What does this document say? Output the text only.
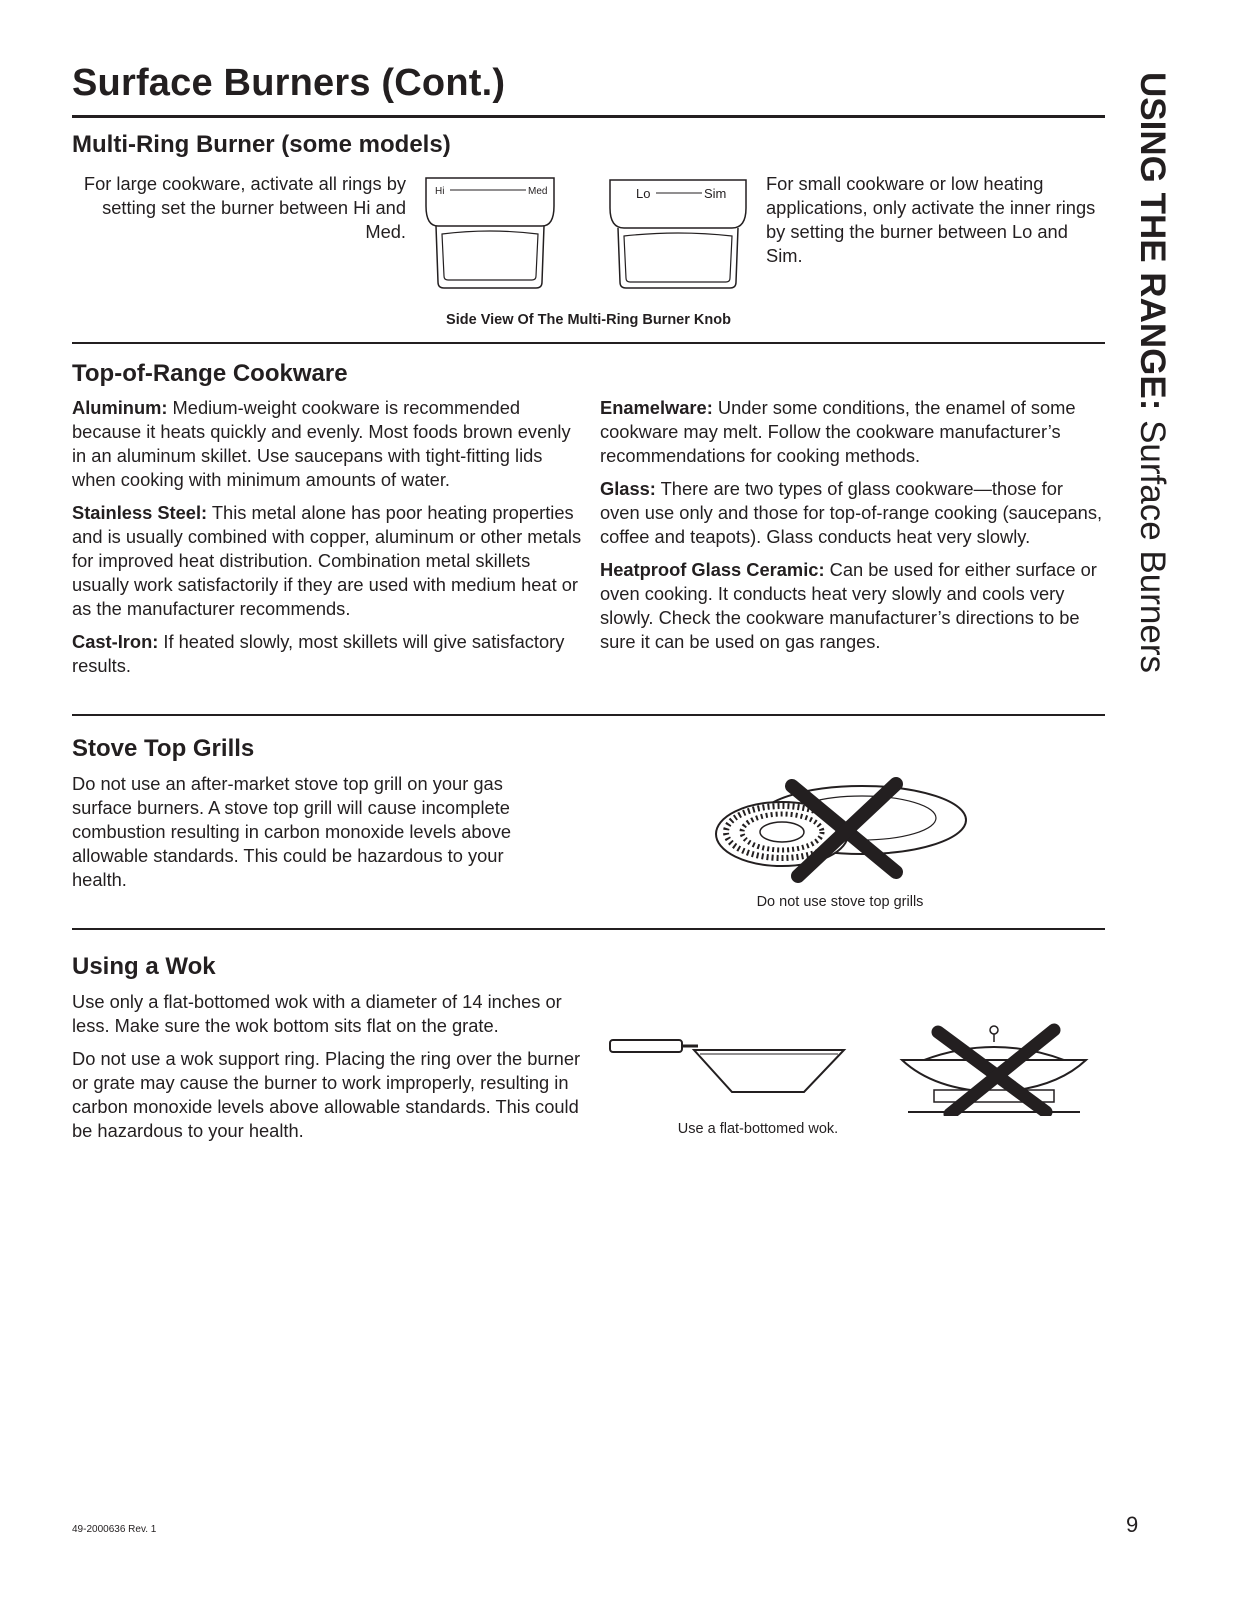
Surface Burners (Cont.)	USING THE RANGE: Surface Burners
Multi-Ring Burner (some models)
For large cookware, activate all rings by setting set the burner between Hi and Med.
For small cookware or low heating applications, only activate the inner rings by setting the burner between Lo and Sim.
Hi	Med	Lo	Sim
Side View Of The Multi-Ring Burner Knob
Top-of-Range Cookware

Aluminum: Medium-weight cookware is recommended because it heats quickly and evenly. Most foods brown evenly in an aluminum skillet. Use saucepans with tight-fitting lids when cooking with minimum amounts of water.

Stainless Steel: This metal alone has poor heating properties and is usually combined with copper, aluminum or other metals for improved heat distribution. Combination metal skillets usually work satisfactorily if they are used with medium heat or as the manufacturer recommends.

Cast-Iron: If heated slowly, most skillets will give satisfactory results.

Enamelware: Under some conditions, the enamel of some cookware may melt. Follow the cookware manufacturer’s recommendations for cooking methods.

Glass: There are two types of glass cookware—those for oven use only and those for top-of-range cooking (saucepans, coffee and teapots). Glass conducts heat very slowly.

Heatproof Glass Ceramic: Can be used for either surface or oven cooking. It conducts heat very slowly and cools very slowly. Check the cookware manufacturer’s directions to be sure it can be used on gas ranges.

Stove Top Grills
Do not use an after-market stove top grill on your gas surface burners. A stove top grill will cause incomplete combustion resulting in carbon monoxide levels above allowable standards. This could be hazardous to your health.
Do not use stove top grills
Using a Wok

Use only a flat-bottomed wok with a diameter of 14 inches or less. Make sure the wok bottom sits flat on the grate.

Do not use a wok support ring. Placing the ring over the burner or grate may cause the burner to work improperly, resulting in carbon monoxide levels above allowable standards. This could be hazardous to your health.	Use a flat-bottomed wok.
49-2000636 Rev. 1	9
